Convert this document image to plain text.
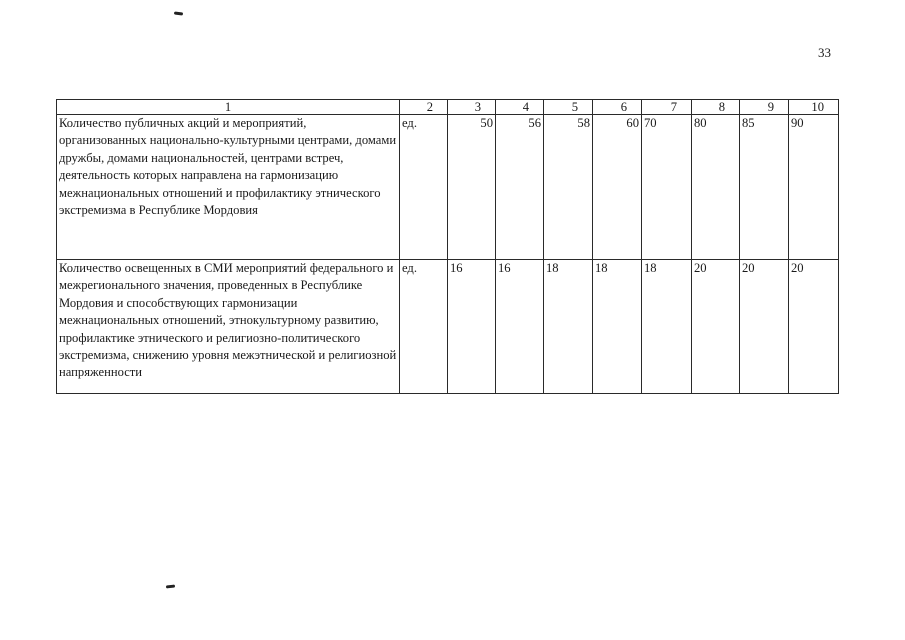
33
1	2	3	4	5	6	7	8	9	10
Количество публичных акций и мероприятий, организованных национально-культурными центрами, домами дружбы, домами национальностей, центрами встреч, деятельность которых направлена на гармонизацию межнациональных отношений и профилактику этнического экстремизма в Республике Мордовия	ед.	50	56	58	60	70	80	85	90
Количество освещенных в СМИ мероприятий федерального и межрегионального значения, проведенных в Республике Мордовия и способствующих гармонизации межнациональных отношений, этнокультурному развитию, профилактике этнического и религиозно-политического экстремизма, снижению уровня межэтнической и религиозной напряженности	ед.	16	16	18	18	18	20	20	20
